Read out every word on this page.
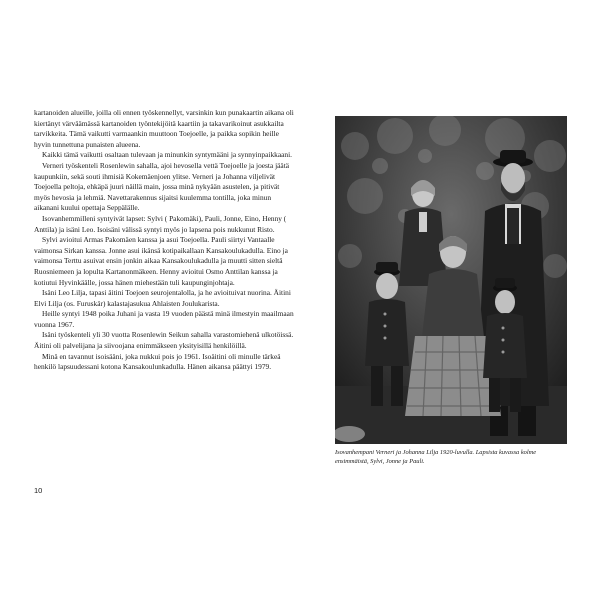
kartanoiden alueille, joilla oli ennen työskennellyt, varsinkin kun punakaartin aikana oli kiertänyt värväämässä kartanoiden työntekijöitä kaartiin ja takavarikoinut asukkailta tarvikkeita. Tämä vaikutti varmaankin muuttoon Toejoelle, ja paikka sopikin heille hyvin tunnettuna punaisten alueena.

Kaikki tämä vaikutti osaltaan tulevaan ja minunkin syntymääni ja synnyinpaikkaani.

Verneri työskenteli Rosenlewin sahalla, ajoi hevosella vettä Toejoelle ja joesta jäätä kaupunkiin, sekä souti ihmisiä Kokemäenjoen ylitse. Verneri ja Johanna viljelivät Toejoella peltoja, ehkäpä juuri näillä main, jossa minä nykyään asustelen, ja pitivät myös hevosia ja lehmiä. Navettarakennus sijaitsi kuulemma tontilla, joka minun aikanani kuului opettaja Seppälälle.

Isovanhemmilleni syntyivät lapset: Sylvi ( Pakomäki), Pauli, Jonne, Eino, Henny ( Anttila) ja isäni Leo. Isoisäni välissä syntyi myös jo lapsena pois nukkunut Risto.

Sylvi avioitui Armas Pakomäen kanssa ja asui Toejoella. Pauli siirtyi Vantaalle vaimonsa Sirkan kanssa. Jonne asui ikänsä kotipaikallaan Kansakoulukadulla. Eino ja vaimonsa Terttu asuivat ensin jonkin aikaa Kansakoulukadulla ja muutti sitten sieltä Ruosniemeen ja lopulta Kartanonmäkeen. Henny avioitui Osmo Anttilan kanssa ja kotiutui Hyvinkäälle, jossa hänen miehestään tuli kaupunginjohtaja.

Isäni Leo Lilja, tapasi äitini Toejoen seurojentalolla, ja he avioituivat nuorina. Äitini Elvi Lilja (os. Furuskär) kalastajasukua Ahlaisten Joulukarista.

Heille syntyi 1948 poika Juhani ja vasta 19 vuoden päästä minä ilmestyin maailmaan vuonna 1967.

Isäni työskenteli yli 30 vuotta Rosenlewin Seikun sahalla varastomiehenä ulkotöissä. Äitini oli palvelijana ja siivoojana enimmäkseen yksityisillä henkilöillä.

Minä en tavannut isoisääni, joka nukkui pois jo 1961. Isoäitini oli minulle tärkeä henkilö lapsuudessani kotona Kansakoulunkadulla. Hänen aikansa päättyi 1979.

10

Isovanhempani Verneri ja Johanna Lilja 1920-luvulla. Lapsista kuvassa kolme ensimmäistä, Sylvi, Jonne ja Pauli.
